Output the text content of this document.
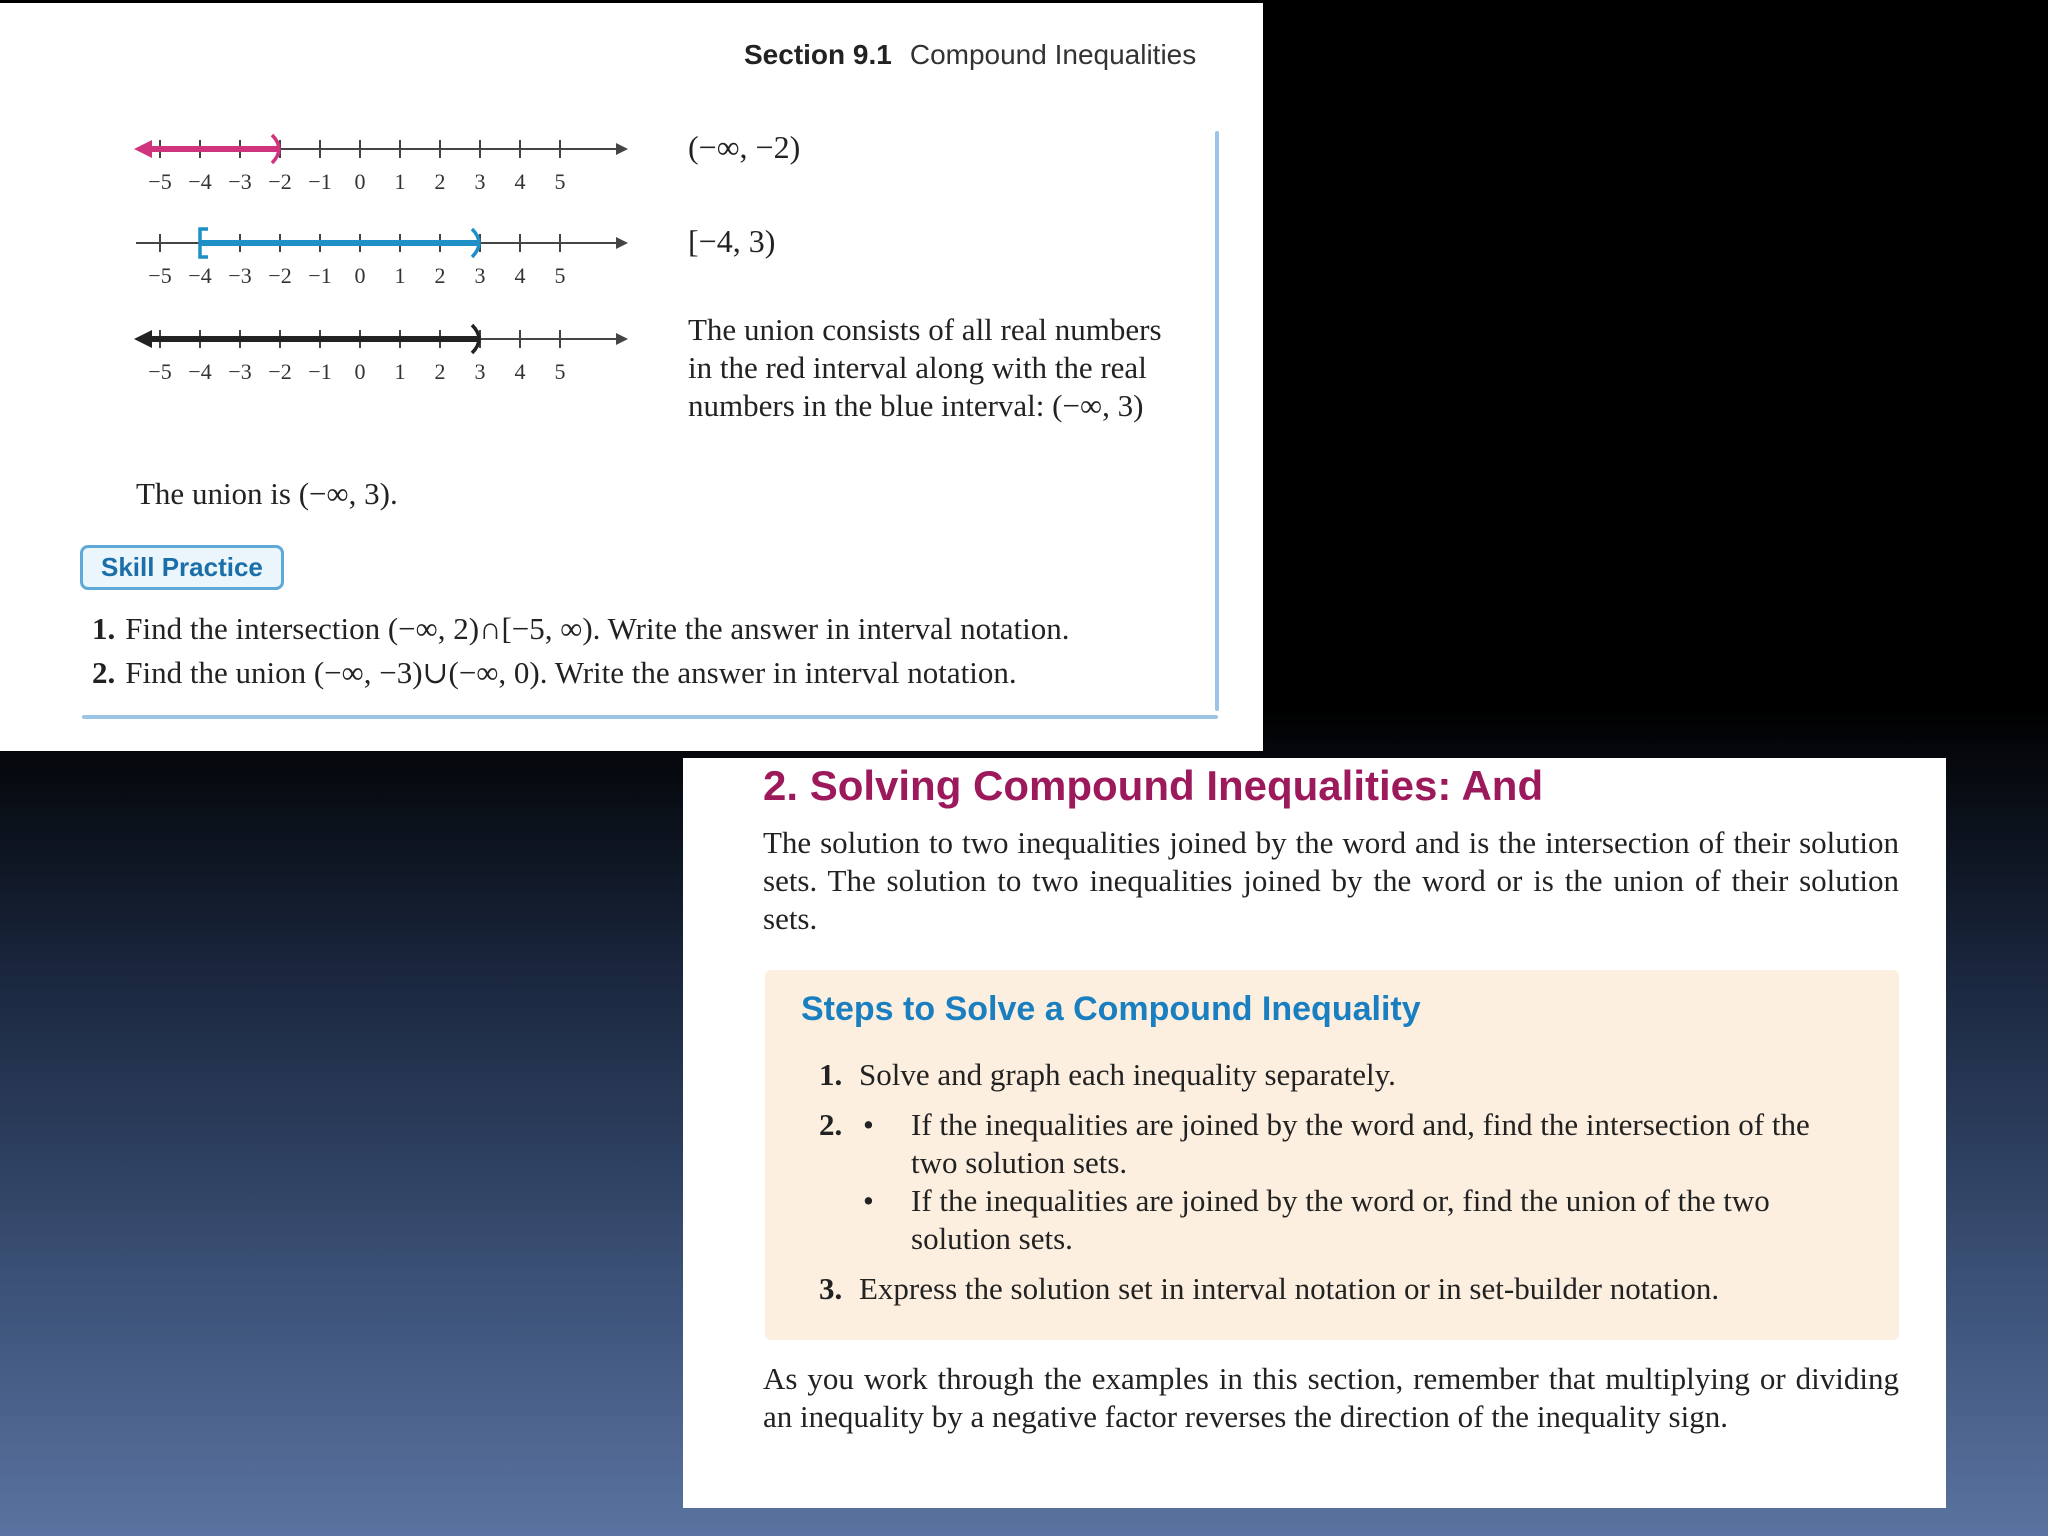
Section 9.1 Compound Inequalities
−5 −4 −3 −2 −1 0 1 2 3 4 5
(−∞, −2)
−5 −4 −3 −2 −1 0 1 2 3 4 5
[−4, 3)
−5 −4 −3 −2 −1 0 1 2 3 4 5
The union consists of all real numbers in the red interval along with the real numbers in the blue interval: (−∞, 3)
The union is (−∞, 3).
Skill Practice
1. Find the intersection (−∞, 2)∩[−5, ∞). Write the answer in interval notation.
2. Find the union (−∞, −3)∪(−∞, 0). Write the answer in interval notation.
2. Solving Compound Inequalities: And

The solution to two inequalities joined by the word and is the intersection of their solution sets. The solution to two inequalities joined by the word or is the union of their solution sets.

Steps to Solve a Compound Inequality
1. Solve and graph each inequality separately.
2. •	If the inequalities are joined by the word and, find the intersection of the two solution sets.
•	If the inequalities are joined by the word or, find the union of the two solution sets.
3. Express the solution set in interval notation or in set-builder notation.

As you work through the examples in this section, remember that multiplying or dividing an inequality by a negative factor reverses the direction of the inequality sign.
